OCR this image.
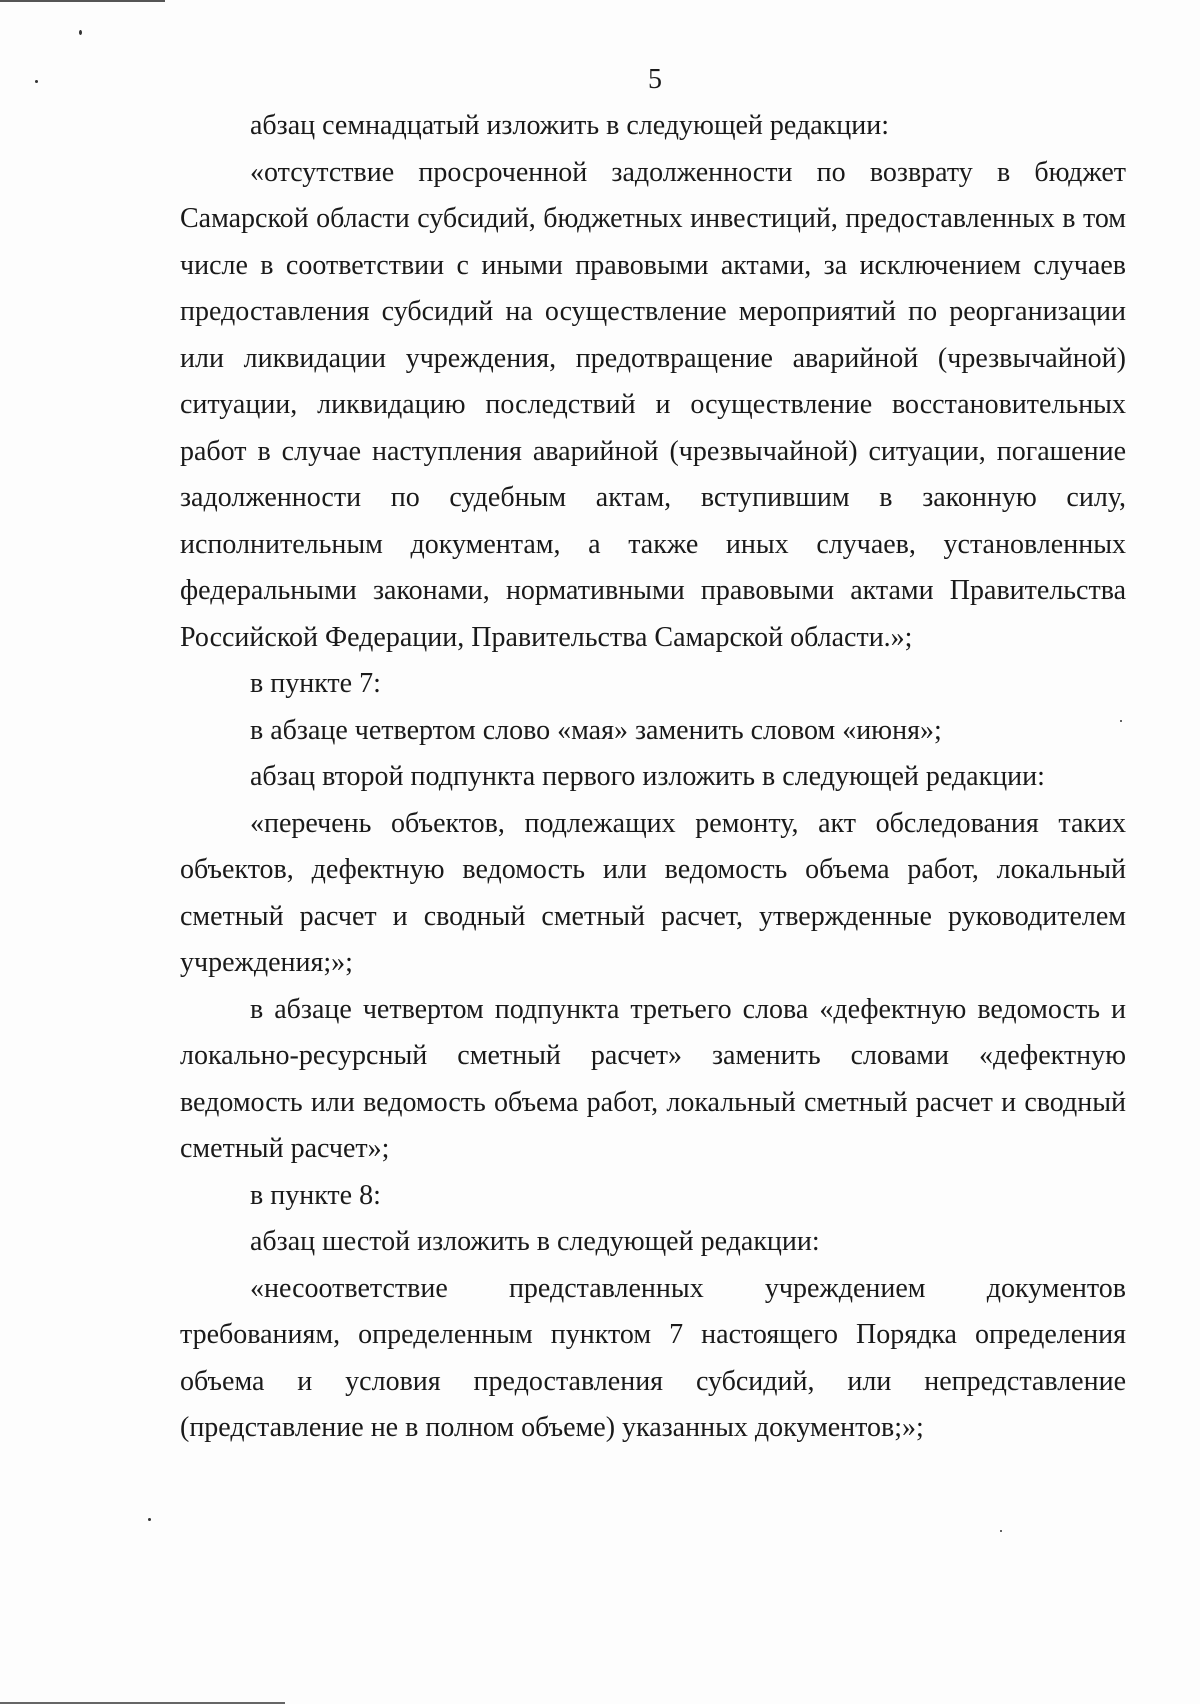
5

абзац семнадцатый изложить в следующей редакции:

«отсутствие просроченной задолженности по возврату в бюджет Самарской области субсидий, бюджетных инвестиций, предоставленных в том числе в соответствии с иными правовыми актами, за исключением случаев предоставления субсидий на осуществление мероприятий по реорганизации или ликвидации учреждения, предотвращение аварийной (чрезвычайной) ситуации, ликвидацию последствий и осуществление восстановительных работ в случае наступления аварийной (чрезвычайной) ситуации, погашение задолженности по судебным актам, вступившим в законную силу, исполнительным документам, а также иных случаев, установленных федеральными законами, нормативными правовыми актами Правительства Российской Федерации, Правительства Самарской области.»;

в пункте 7:

в абзаце четвертом слово «мая» заменить словом «июня»;

абзац второй подпункта первого изложить в следующей редакции:

«перечень объектов, подлежащих ремонту, акт обследования таких объектов, дефектную ведомость или ведомость объема работ, локальный сметный расчет и сводный сметный расчет, утвержденные руководителем учреждения;»;

в абзаце четвертом подпункта третьего слова «дефектную ведомость и локально-ресурсный сметный расчет» заменить словами «дефектную ведомость или ведомость объема работ, локальный сметный расчет и сводный сметный расчет»;

в пункте 8:

абзац шестой изложить в следующей редакции:

«несоответствие представленных учреждением документов требованиям, определенным пунктом 7 настоящего Порядка определения объема и условия предоставления субсидий, или непредставление (представление не в полном объеме) указанных документов;»;
